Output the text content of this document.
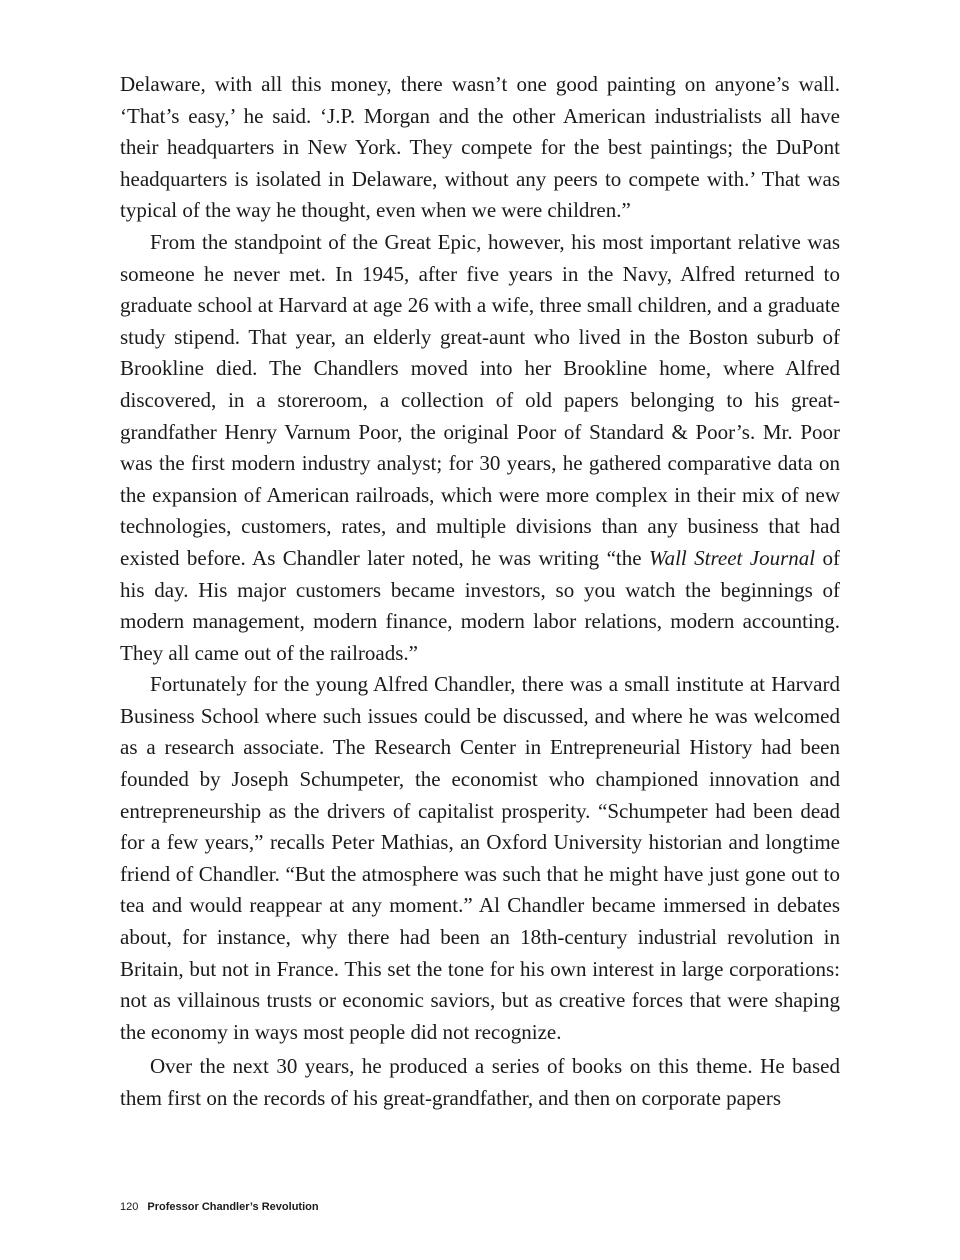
Delaware, with all this money, there wasn’t one good painting on anyone’s wall. ‘That’s easy,’ he said. ‘J.P. Morgan and the other American industrialists all have their headquarters in New York. They compete for the best paintings; the DuPont headquarters is isolated in Delaware, without any peers to compete with.’ That was typical of the way he thought, even when we were children.”

From the standpoint of the Great Epic, however, his most important relative was someone he never met. In 1945, after five years in the Navy, Alfred returned to graduate school at Harvard at age 26 with a wife, three small children, and a graduate study stipend. That year, an elderly great-aunt who lived in the Boston suburb of Brookline died. The Chandlers moved into her Brookline home, where Alfred discovered, in a storeroom, a collection of old papers belonging to his great-grandfather Henry Varnum Poor, the original Poor of Standard & Poor’s. Mr. Poor was the first modern industry analyst; for 30 years, he gathered comparative data on the expansion of American railroads, which were more complex in their mix of new technologies, customers, rates, and multiple divisions than any business that had existed before. As Chandler later noted, he was writing “the Wall Street Journal of his day. His major customers became investors, so you watch the beginnings of modern management, modern finance, modern labor relations, modern accounting. They all came out of the railroads.”

Fortunately for the young Alfred Chandler, there was a small institute at Harvard Business School where such issues could be discussed, and where he was welcomed as a research associate. The Research Center in Entrepreneurial History had been founded by Joseph Schumpeter, the economist who championed innovation and entrepreneurship as the drivers of capitalist prosperity. “Schumpeter had been dead for a few years,” recalls Peter Mathias, an Oxford University historian and longtime friend of Chandler. “But the atmosphere was such that he might have just gone out to tea and would reappear at any moment.” Al Chandler became immersed in debates about, for instance, why there had been an 18th-century industrial revolution in Britain, but not in France. This set the tone for his own interest in large corporations: not as villainous trusts or economic saviors, but as creative forces that were shaping the economy in ways most people did not recognize.

Over the next 30 years, he produced a series of books on this theme. He based them first on the records of his great-grandfather, and then on corporate papers

120 Professor Chandler’s Revolution
